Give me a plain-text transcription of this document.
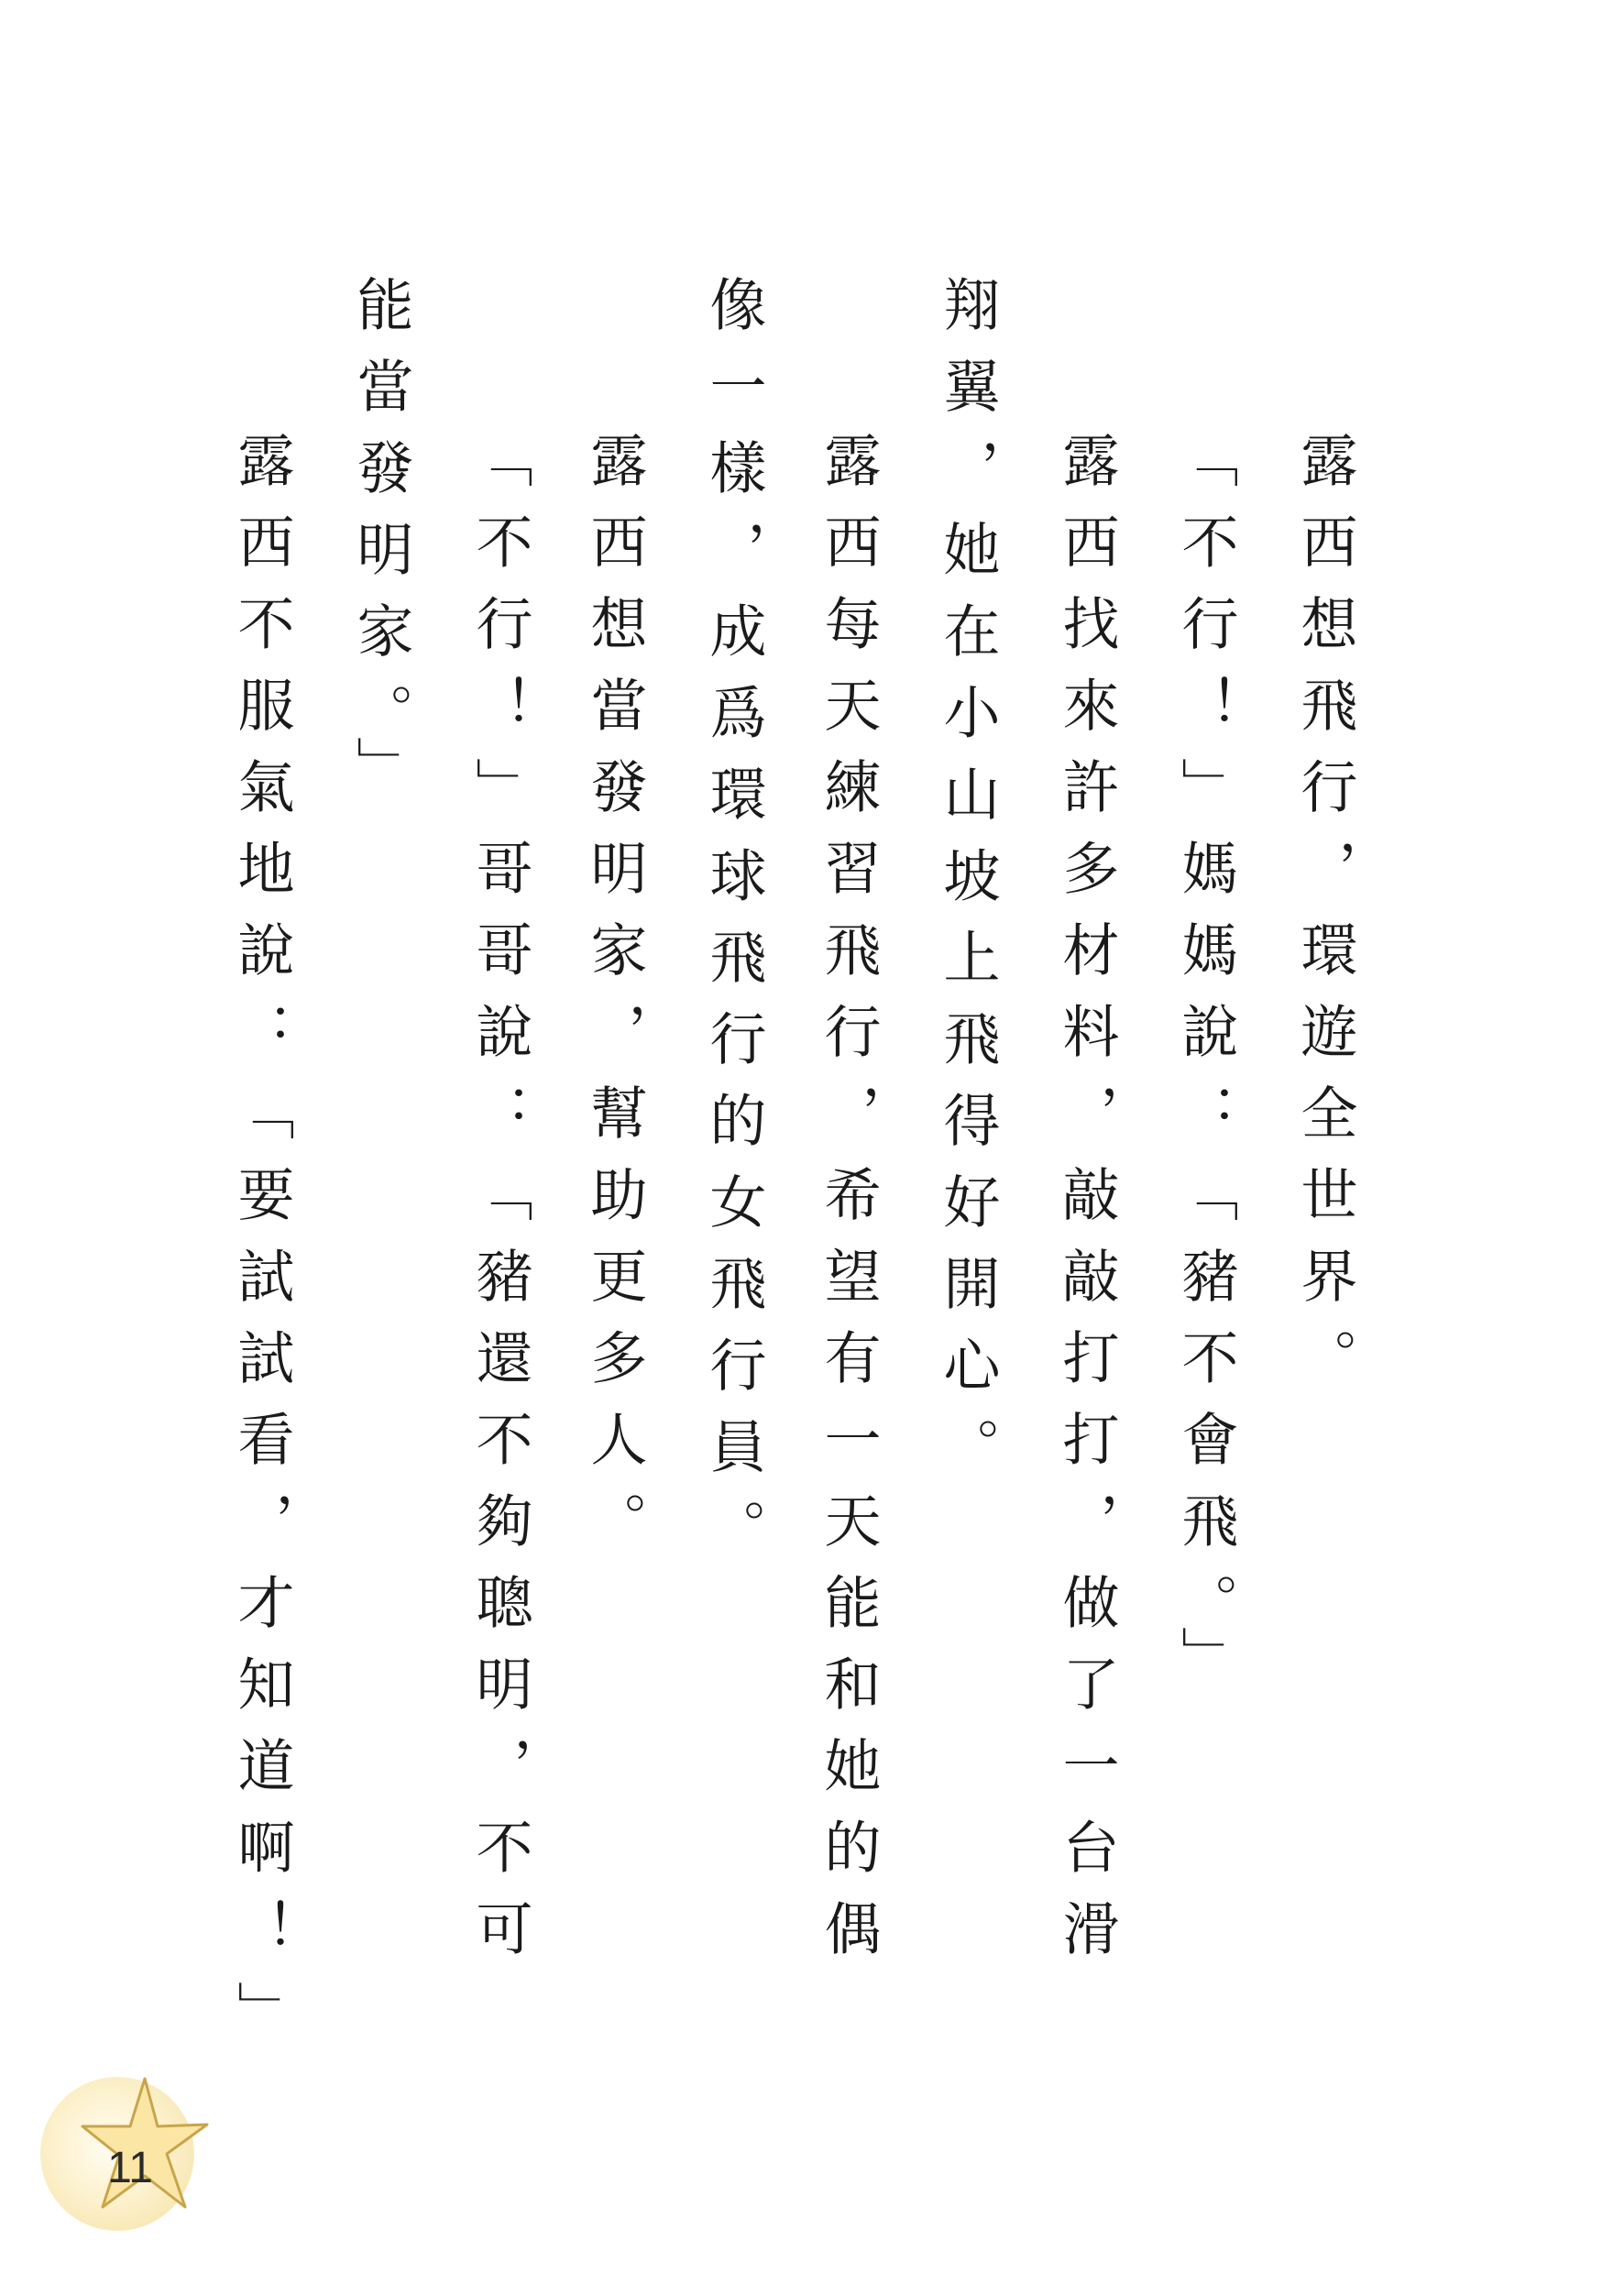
露西想飛行，環遊全世界。
「不行！」媽媽說：「豬不會飛。」
露西找來許多材料，敲敲打打，做了一台滑
翔翼，她在小山坡上飛得好開心。
露西每天練習飛行，希望有一天能和她的偶
像一樣，成爲環球飛行的女飛行員。
露西想當發明家，幫助更多人。
「不行！」哥哥說：「豬還不夠聰明，不可
能當發明家。」
露西不服氣地說：「要試試看，才知道啊！」
11
